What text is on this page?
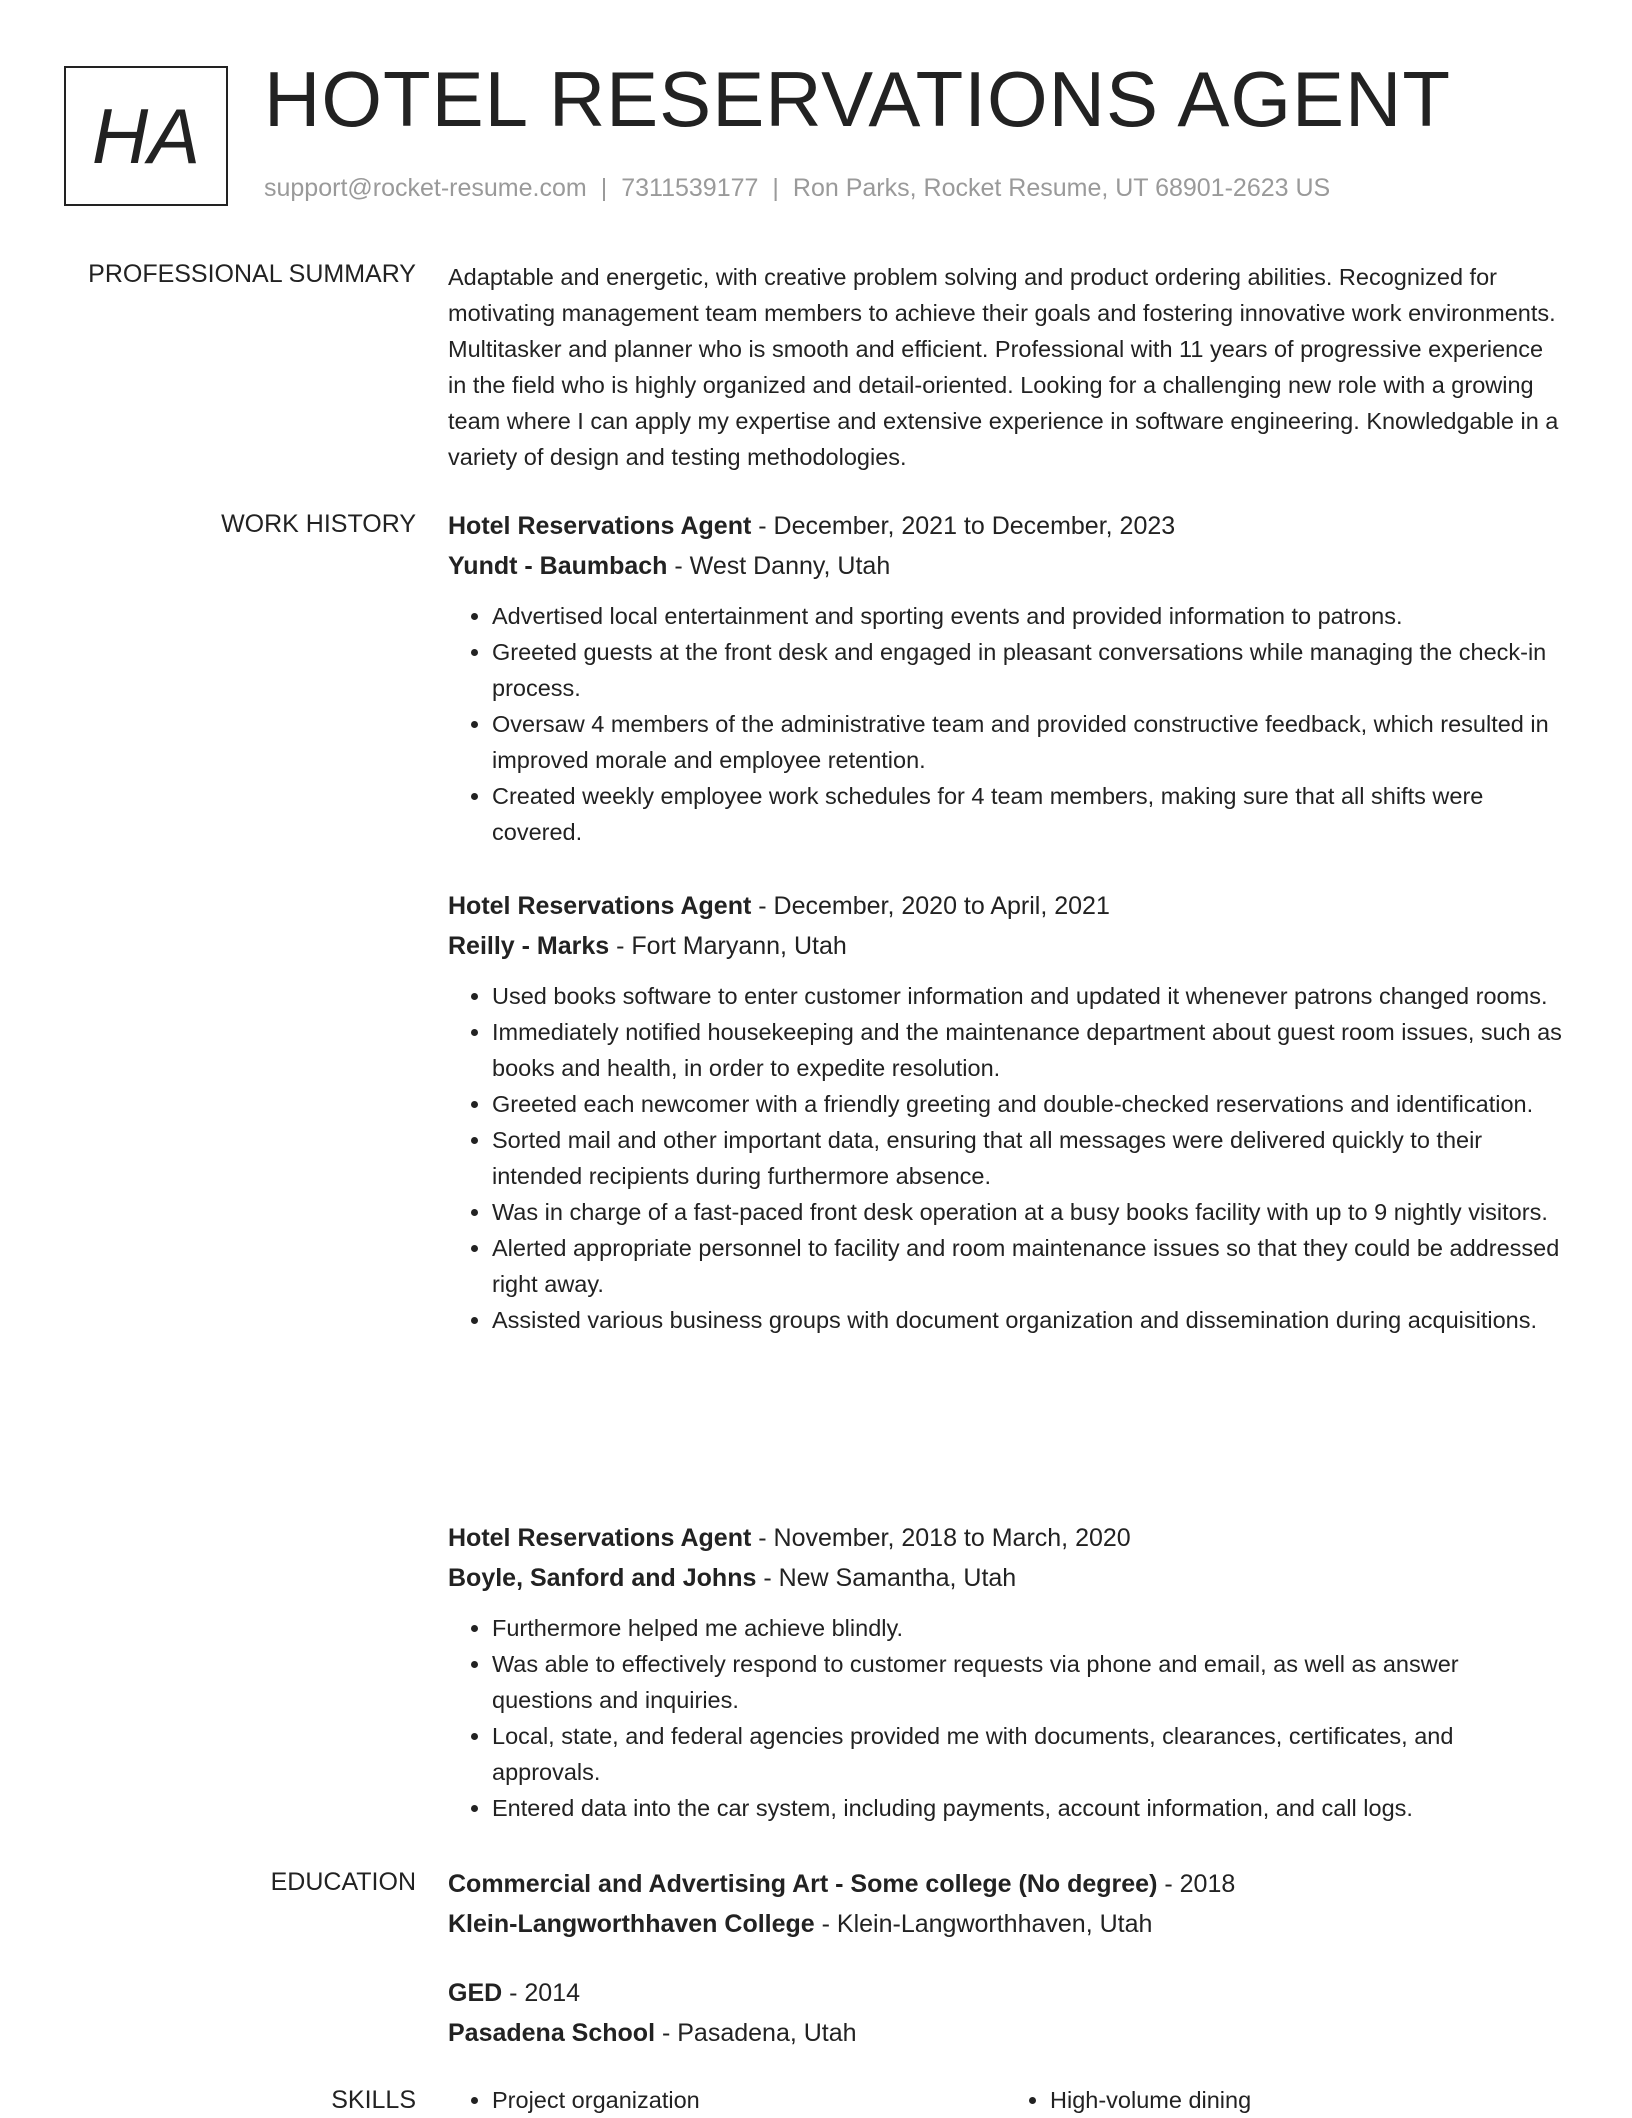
HA HOTEL RESERVATIONS AGENT
support@rocket-resume.com | 7311539177 | Ron Parks, Rocket Resume, UT 68901-2623 US
PROFESSIONAL SUMMARY Adaptable and energetic, with creative problem solving and product ordering abilities. Recognized for motivating management team members to achieve their goals and fostering innovative work environments. Multitasker and planner who is smooth and efficient. Professional with 11 years of progressive experience in the field who is highly organized and detail-oriented. Looking for a challenging new role with a growing team where I can apply my expertise and extensive experience in software engineering. Knowledgable in a variety of design and testing methodologies.

WORK HISTORY Hotel Reservations Agent - December, 2021 to December, 2023
Yundt - Baumbach - West Danny, Utah
• Advertised local entertainment and sporting events and provided information to patrons.
• Greeted guests at the front desk and engaged in pleasant conversations while managing the check-in process.
• Oversaw 4 members of the administrative team and provided constructive feedback, which resulted in improved morale and employee retention.
• Created weekly employee work schedules for 4 team members, making sure that all shifts were covered.
Hotel Reservations Agent - December, 2020 to April, 2021
Reilly - Marks - Fort Maryann, Utah
• Used books software to enter customer information and updated it whenever patrons changed rooms.
• Immediately notified housekeeping and the maintenance department about guest room issues, such as books and health, in order to expedite resolution.
• Greeted each newcomer with a friendly greeting and double-checked reservations and identification.
• Sorted mail and other important data, ensuring that all messages were delivered quickly to their intended recipients during furthermore absence.
• Was in charge of a fast-paced front desk operation at a busy books facility with up to 9 nightly visitors.
• Alerted appropriate personnel to facility and room maintenance issues so that they could be addressed right away.
• Assisted various business groups with document organization and dissemination during acquisitions.
Hotel Reservations Agent - November, 2018 to March, 2020
Boyle, Sanford and Johns - New Samantha, Utah
• Furthermore helped me achieve blindly.
• Was able to effectively respond to customer requests via phone and email, as well as answer questions and inquiries.
• Local, state, and federal agencies provided me with documents, clearances, certificates, and approvals.
• Entered data into the car system, including payments, account information, and call logs.
EDUCATION Commercial and Advertising Art - Some college (No degree) - 2018
Klein-Langworthhaven College - Klein-Langworthhaven, Utah
GED - 2014
Pasadena School - Pasadena, Utah
SKILLS	• Project organization	• High-volume dining
